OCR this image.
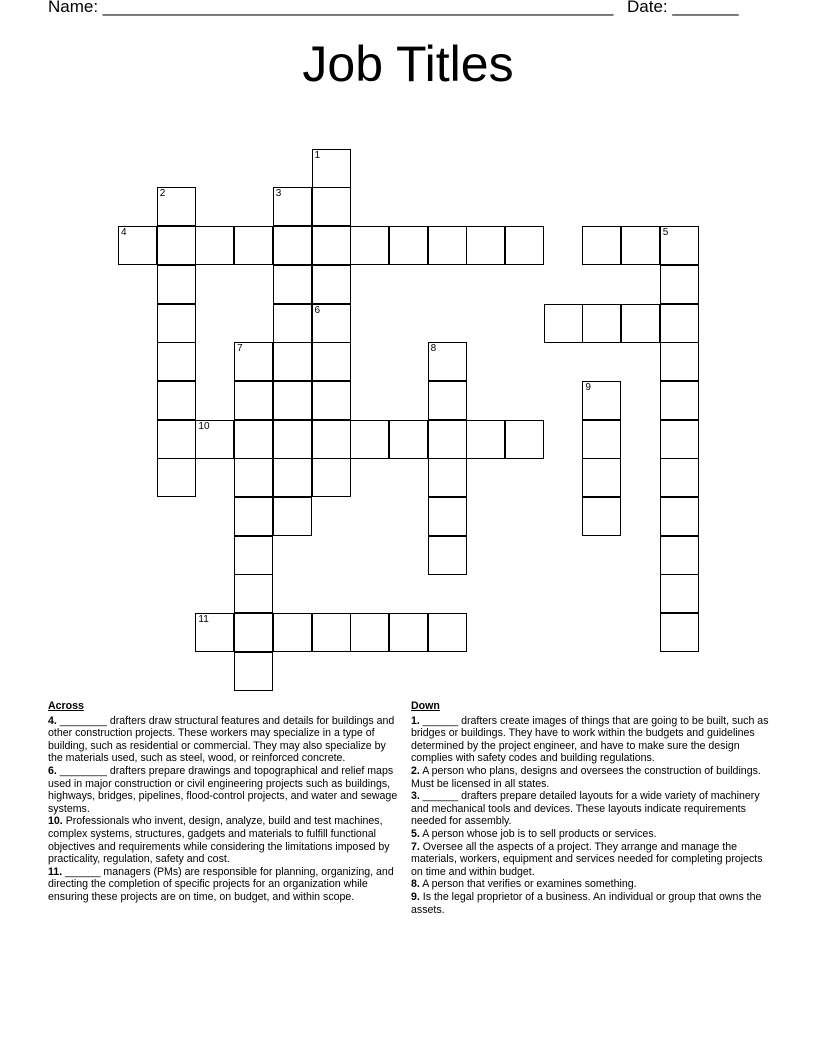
Name: ______________________________________________________ Date: _______
Job Titles
1
6
2	3
4	5
7	8
9
10
11
Across
4. ________ drafters draw structural features and details for buildings and other construction projects. These workers may specialize in a type of building, such as residential or commercial. They may also specialize by the materials used, such as steel, wood, or reinforced concrete.
6. ________ drafters prepare drawings and topographical and relief maps used in major construction or civil engineering projects such as buildings, highways, bridges, pipelines, flood-control projects, and water and sewage systems.
10. Professionals who invent, design, analyze, build and test machines, complex systems, structures, gadgets and materials to fulfill functional objectives and requirements while considering the limitations imposed by practicality, regulation, safety and cost.
11. ______ managers (PMs) are responsible for planning, organizing, and directing the completion of specific projects for an organization while ensuring these projects are on time, on budget, and within scope.
Down
1. ______ drafters create images of things that are going to be built, such as bridges or buildings. They have to work within the budgets and guidelines determined by the project engineer, and have to make sure the design complies with safety codes and building regulations.
2. A person who plans, designs and oversees the construction of buildings. Must be licensed in all states.
3. ______ drafters prepare detailed layouts for a wide variety of machinery and mechanical tools and devices. These layouts indicate requirements needed for assembly.
5. A person whose job is to sell products or services.
7. Oversee all the aspects of a project. They arrange and manage the materials, workers, equipment and services needed for completing projects on time and within budget.
8. A person that verifies or examines something.
9. Is the legal proprietor of a business. An individual or group that owns the assets.
